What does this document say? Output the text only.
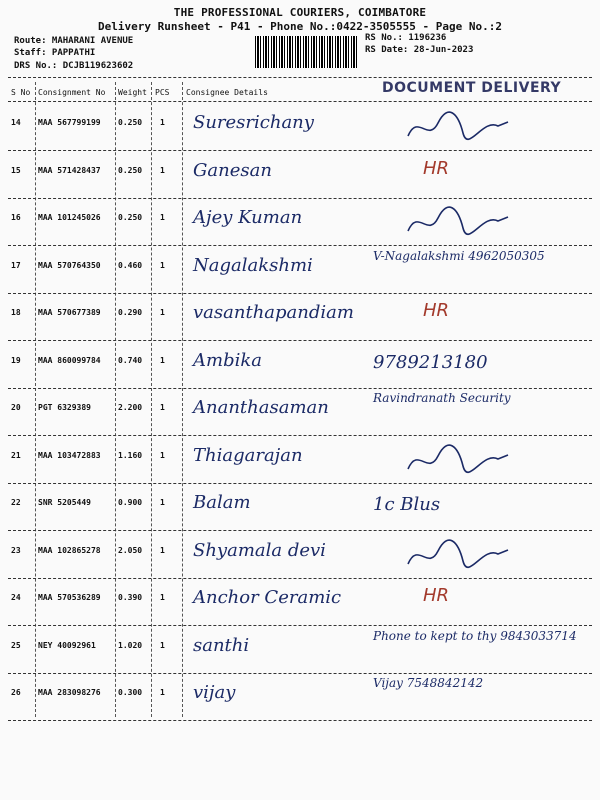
THE PROFESSIONAL COURIERS, COIMBATORE
Delivery Runsheet - P41 - Phone No.:0422-3505555 - Page No.:2
Route: MAHARANI AVENUE
Staff: PAPPATHI
DRS No.: DCJB119623602
RS No.: 1196236
RS Date: 28-Jun-2023
S No Consignment No Weight PCS Consignee Details	DOCUMENT DELIVERY
14 MAA 567799199 0.250 1 Suresrichany
15 MAA 571428437 0.250 1 Ganesan	HR
16 MAA 101245026 0.250 1 Ajey Kuman
17 MAA 570764350 0.460 1 Nagalakshmi	V-Nagalakshmi 4962050305
18 MAA 570677389 0.290 1 vasanthapandiam	HR
19 MAA 860099784 0.740 1 Ambika	9789213180
20 PGT 6329389	2.200 1 Ananthasaman	Ravindranath Security
21 MAA 103472883 1.160 1 Thiagarajan
22 SNR 5205449	0.900 1 Balam	1c Blus
23 MAA 102865278 2.050 1 Shyamala devi
24 MAA 570536289 0.390 1 Anchor Ceramic	HR
25 NEY 40092961	1.020 1 santhi	Phone to kept to thy 9843033714
26 MAA 283098276 0.300 1 vijay	Vijay 7548842142
